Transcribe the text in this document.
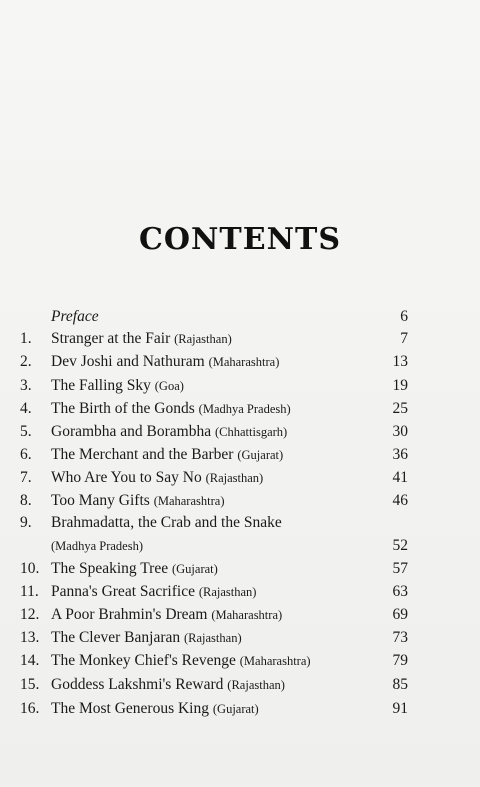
CONTENTS
Preface	6
1. Stranger at the Fair (Rajasthan)	7
2. Dev Joshi and Nathuram (Maharashtra)	13
3. The Falling Sky (Goa)	19
4. The Birth of the Gonds (Madhya Pradesh)	25
5. Gorambha and Borambha (Chhattisgarh)	30
6. The Merchant and the Barber (Gujarat)	36
7. Who Are You to Say No (Rajasthan)	41
8. Too Many Gifts (Maharashtra)	46
9. Brahmadatta, the Crab and the Snake
(Madhya Pradesh)	52
10. The Speaking Tree (Gujarat)	57
11. Panna's Great Sacrifice (Rajasthan)	63
12. A Poor Brahmin's Dream (Maharashtra)	69
13. The Clever Banjaran (Rajasthan)	73
14. The Monkey Chief's Revenge (Maharashtra)	79
15. Goddess Lakshmi's Reward (Rajasthan)	85
16. The Most Generous King (Gujarat)	91
